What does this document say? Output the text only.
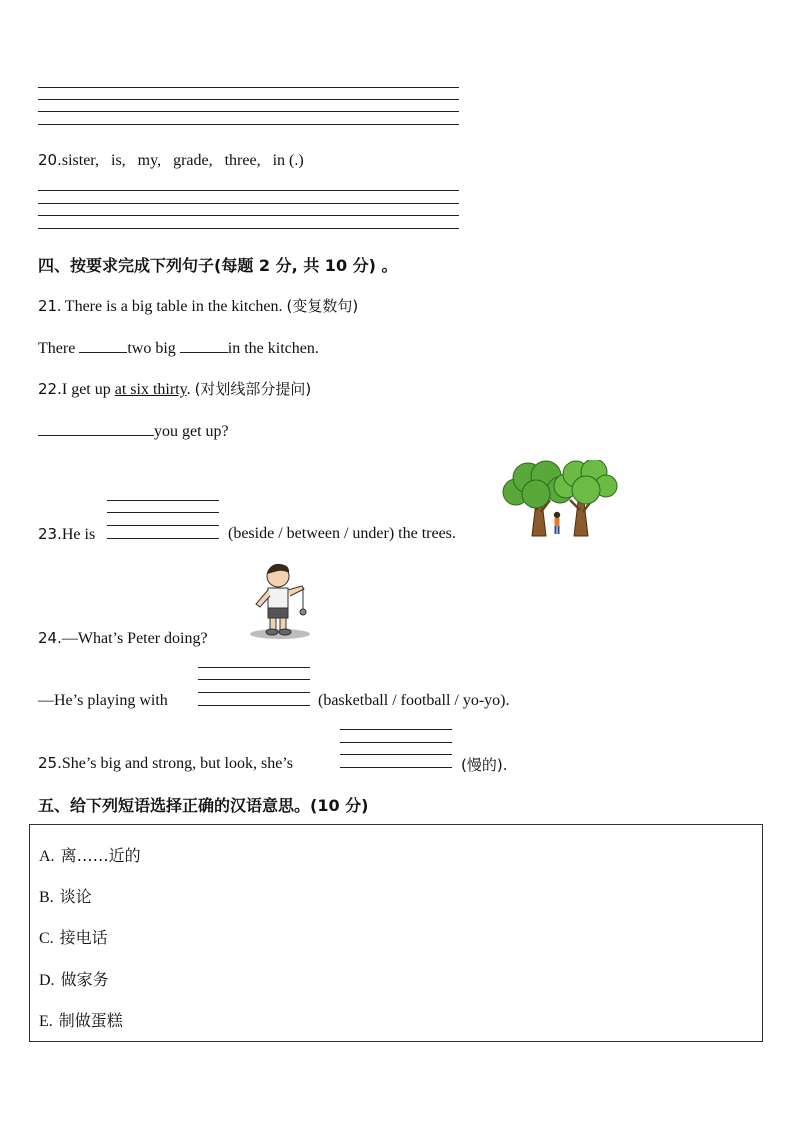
20.sister,   is,   my,   grade,   three,   in (.)
四、按要求完成下列句子(每题 2 分, 共 10 分) 。
21. There is a big table in the kitchen. (变复数句)
There	two big	in the kitchen.
22.I get up at six thirty. (对划线部分提问)
you get up?
23.He is	(beside / between / under) the trees.
24.—What’s Peter doing?
—He’s playing with	(basketball / football / yo-yo).
25.She’s big and strong, but look, she’s	(慢的).
五、给下列短语选择正确的汉语意思。(10 分)
A. 离……近的
B. 谈论
C. 接电话
D. 做家务
E. 制做蛋糕
